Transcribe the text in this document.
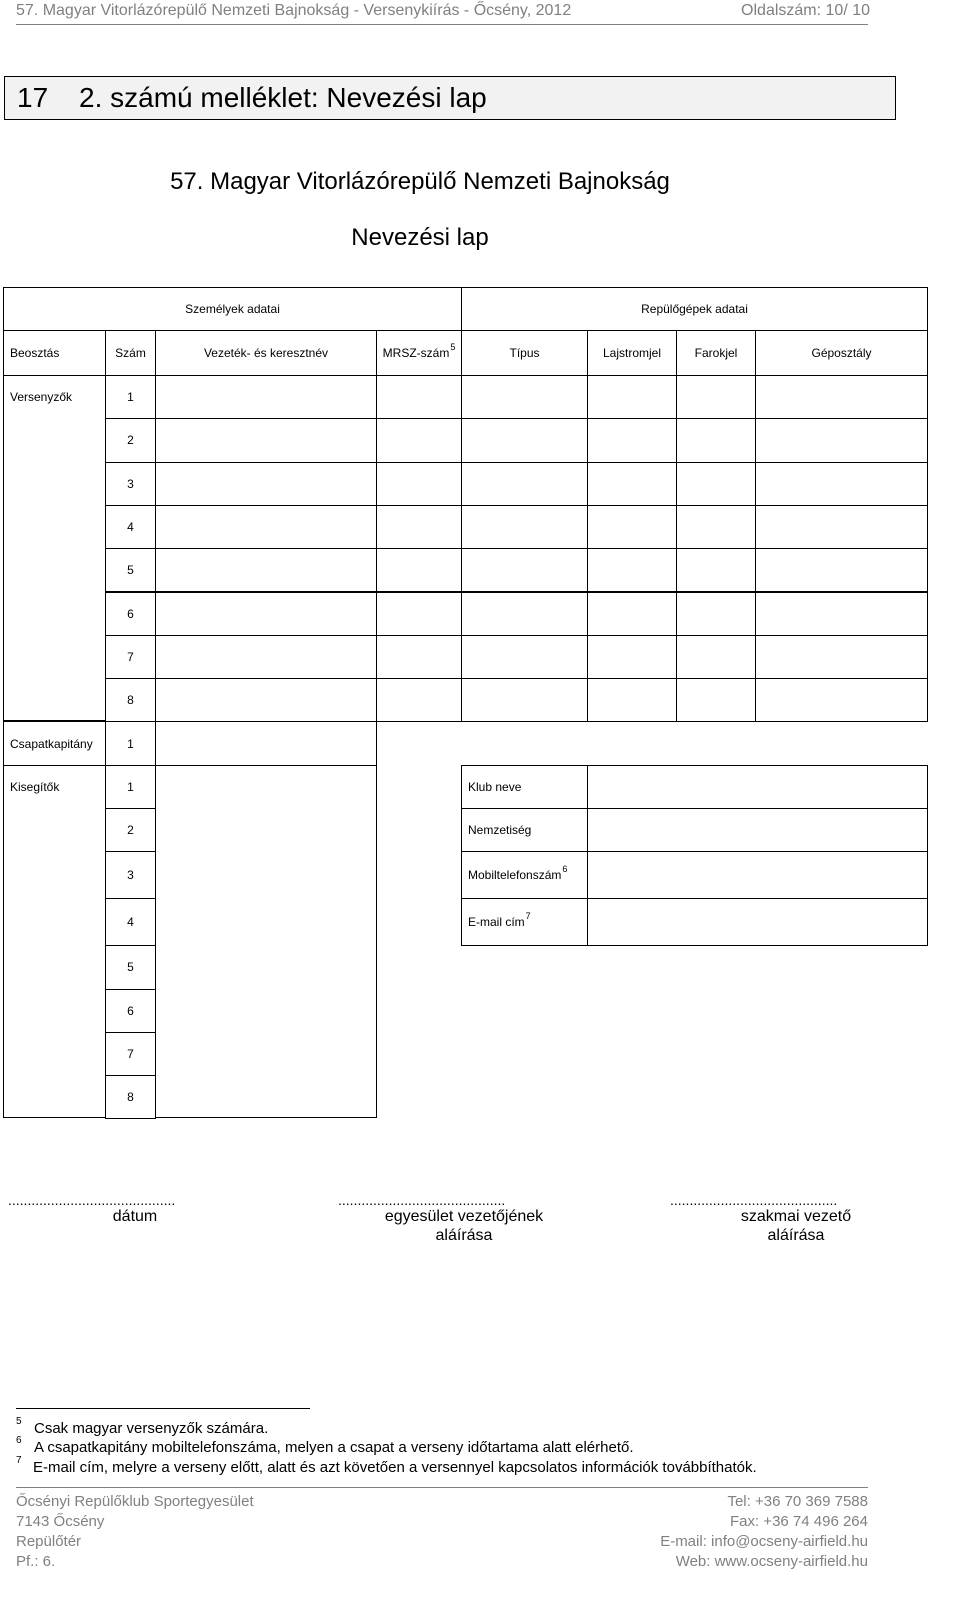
57. Magyar Vitorlázórepülő Nemzeti Bajnokság - Versenykiírás - Őcsény, 2012	Oldalszám: 10/ 10
17 2. számú melléklet: Nevezési lap
57. Magyar Vitorlázórepülő Nemzeti Bajnokság
Nevezési lap
Személyek adatai	Repülőgépek adatai
Beosztás	Szám	Vezeték- és keresztnév	MRSZ-szám$^5$	Típus	Lajstromjel	Farokjel	Géposztály
Versenyzők	1
2
3
4
5
6
7
8
Csapatkapitány	1
Kisegítők	1
2
3
4
5
6
7
8
Klub neve
Nemzetiség
Mobiltelefonszám$^6$
E-mail cím$^7$
...........................................	...........................................	...........................................
dátum	egyesület vezetőjének
aláírása
szakmai vezető
aláírása
5 Csak magyar versenyzők számára.
6 A csapatkapitány mobiltelefonszáma, melyen a csapat a verseny időtartama alatt elérhető.
7 E-mail cím, melyre a verseny előtt, alatt és azt követően a versennyel kapcsolatos információk továbbíthatók.
Őcsényi Repülőklub Sportegyesület
7143 Őcsény
Repülőtér
Pf.: 6.
Tel: +36 70 369 7588
Fax: +36 74 496 264
E-mail: info@ocseny-airfield.hu
Web: www.ocseny-airfield.hu
